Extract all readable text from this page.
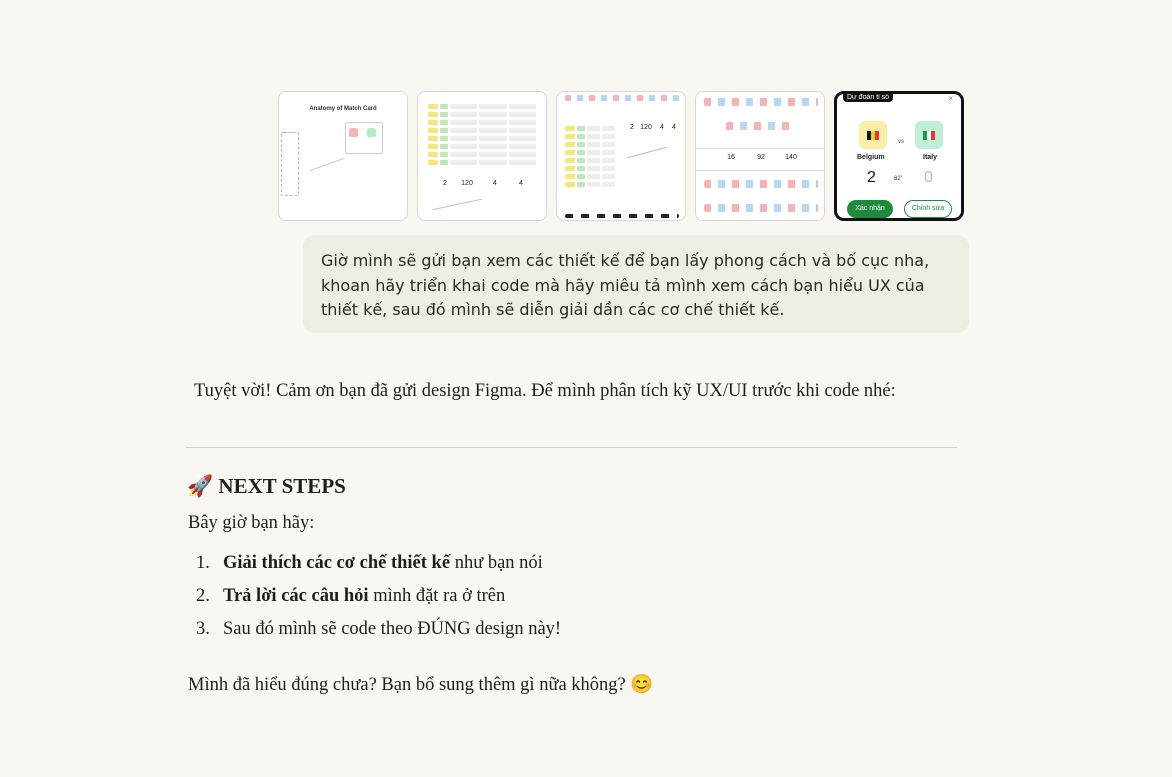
Anatomy of Match Card
2	120	4	4
2 120	4	4
16	92	140
Dự đoán tỉ số	×
Belgium
vs
Italy
2	82' 0
Xác nhận	Chỉnh sửa
Giờ mình sẽ gửi bạn xem các thiết kế để bạn lấy phong cách và bố cục nha, khoan hãy triển khai code mà hãy miêu tả mình xem cách bạn hiểu UX của thiết kế, sau đó mình sẽ diễn giải dần các cơ chế thiết kế.
Tuyệt vời! Cảm ơn bạn đã gửi design Figma. Để mình phân tích kỹ UX/UI trước khi code nhé:
🚀 NEXT STEPS
Bây giờ bạn hãy:
1. Giải thích các cơ chế thiết kế như bạn nói
2. Trả lời các câu hỏi mình đặt ra ở trên
3. Sau đó mình sẽ code theo ĐÚNG design này!
Mình đã hiểu đúng chưa? Bạn bổ sung thêm gì nữa không? 😊
